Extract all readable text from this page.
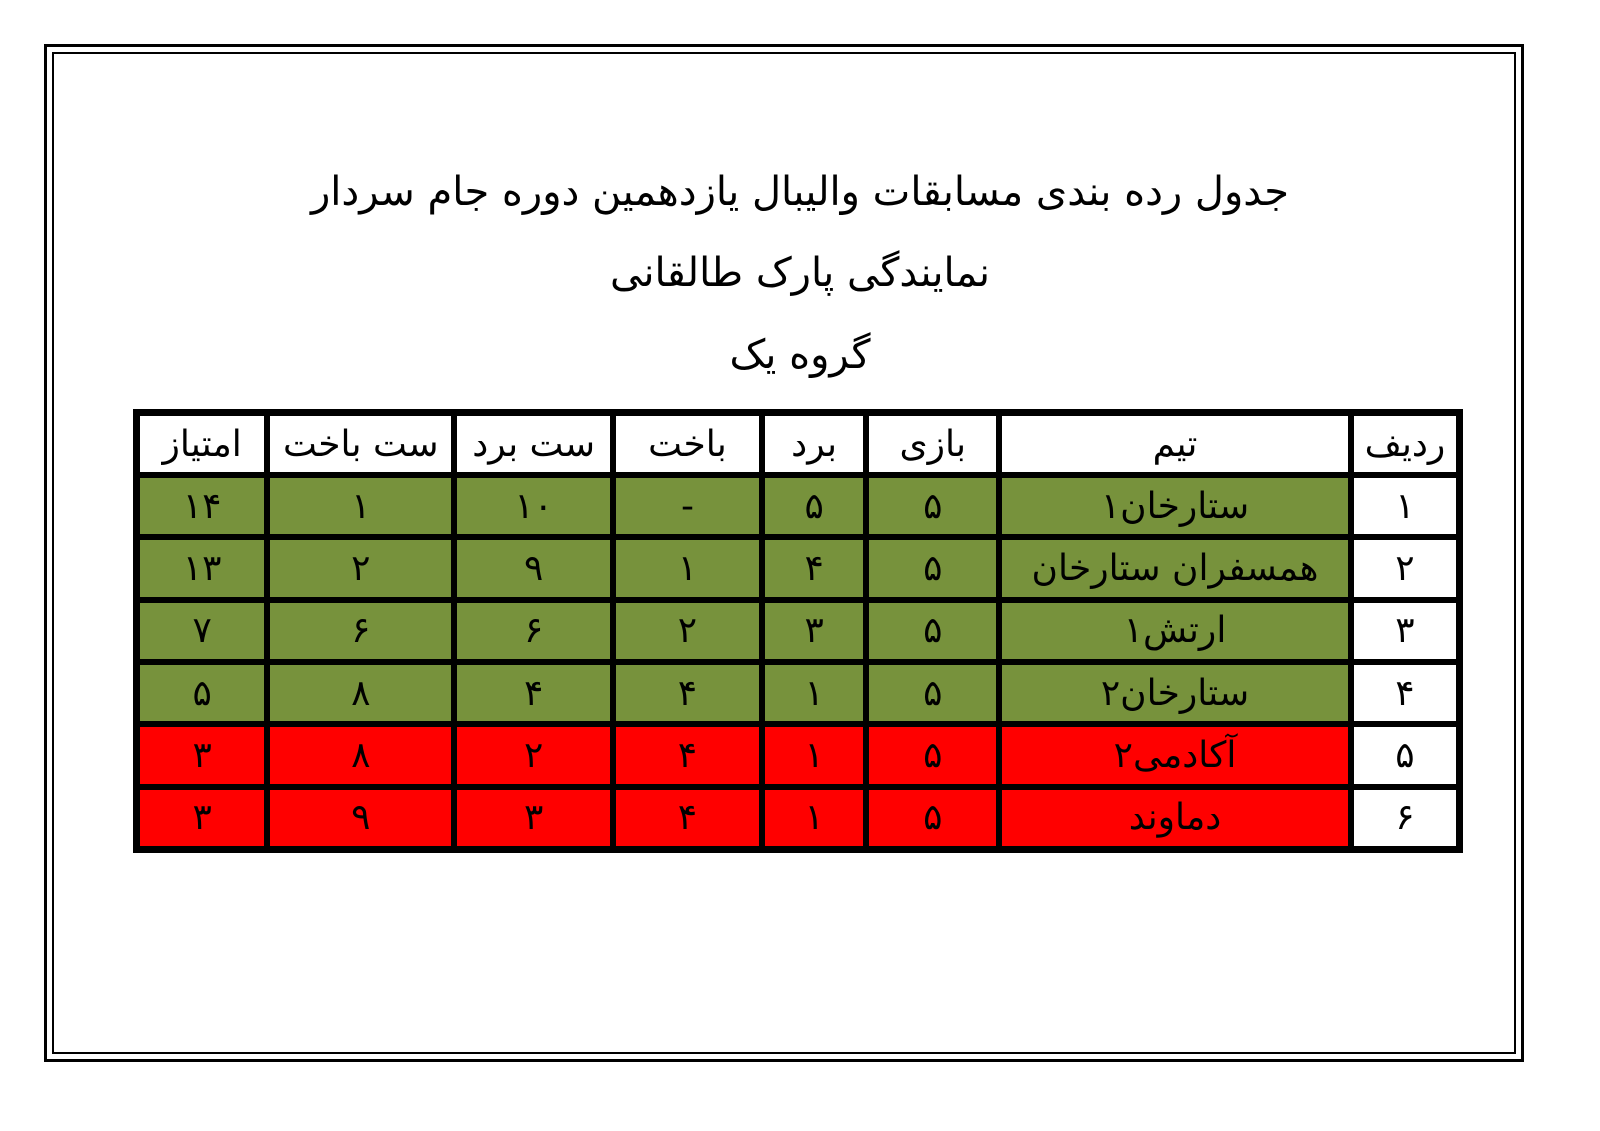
جدول رده بندی مسابقات والیبال یازدهمین دوره جام سردار
نمایندگی پارک طالقانی
گروه یک
ردیف	تیم	بازی	برد	باخت	ست برد	ست باخت	امتیاز
۱	ستارخان۱	۵	۵	-	۱۰	۱	۱۴
۲	همسفران ستارخان	۵	۴	۱	۹	۲	۱۳
۳	ارتش۱	۵	۳	۲	۶	۶	۷
۴	ستارخان۲	۵	۱	۴	۴	۸	۵
۵	آکادمی۲	۵	۱	۴	۲	۸	۳
۶	دماوند	۵	۱	۴	۳	۹	۳
